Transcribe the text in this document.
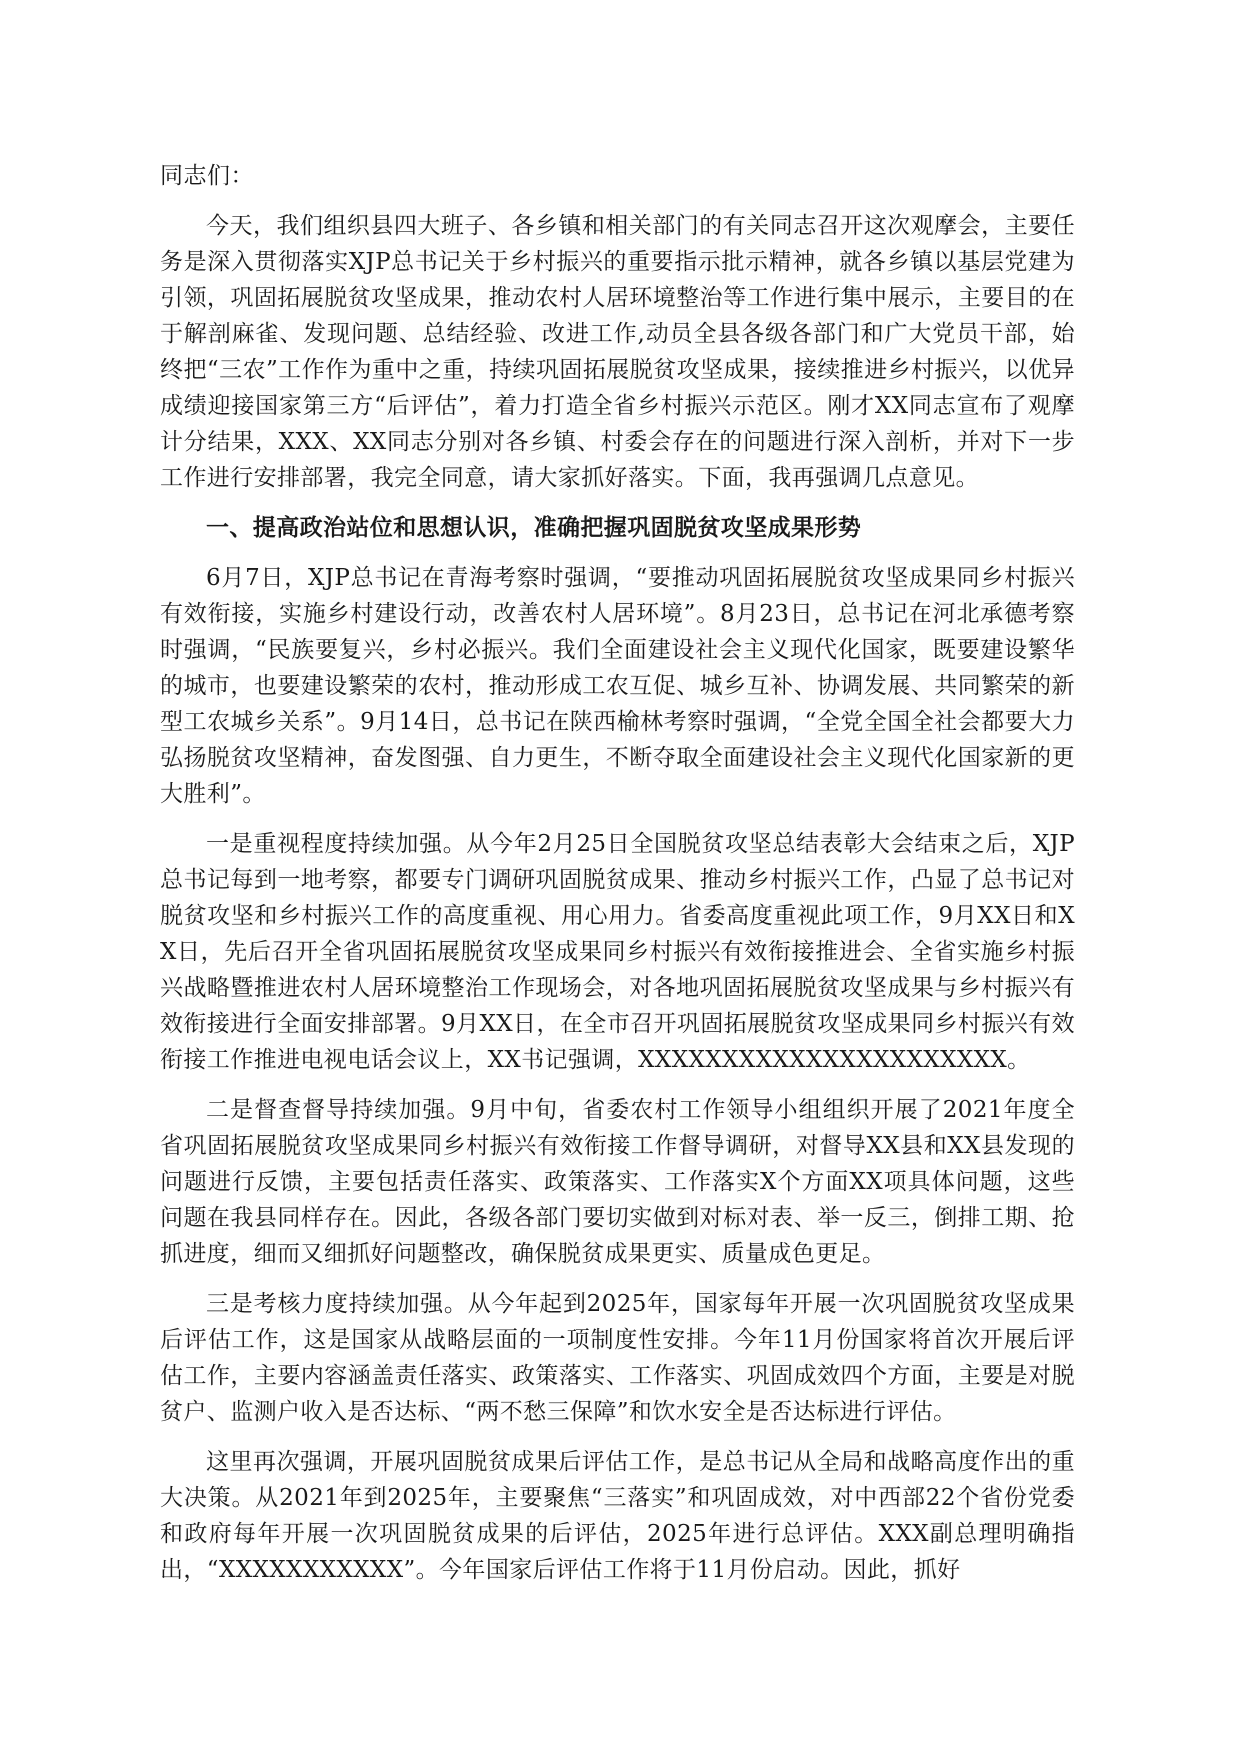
同志们：

今天，我们组织县四大班子、各乡镇和相关部门的有关同志召开这次观摩会，主要任务是深入贯彻落实XJP总书记关于乡村振兴的重要指示批示精神，就各乡镇以基层党建为引领，巩固拓展脱贫攻坚成果，推动农村人居环境整治等工作进行集中展示，主要目的在于解剖麻雀、发现问题、总结经验、改进工作,动员全县各级各部门和广大党员干部，始终把“三农”工作作为重中之重，持续巩固拓展脱贫攻坚成果，接续推进乡村振兴，以优异成绩迎接国家第三方“后评估”，着力打造全省乡村振兴示范区。刚才XX同志宣布了观摩计分结果，XXX、XX同志分别对各乡镇、村委会存在的问题进行深入剖析，并对下一步工作进行安排部署，我完全同意，请大家抓好落实。下面，我再强调几点意见。

一、提高政治站位和思想认识，准确把握巩固脱贫攻坚成果形势

6月7日，XJP总书记在青海考察时强调，“要推动巩固拓展脱贫攻坚成果同乡村振兴有效衔接，实施乡村建设行动，改善农村人居环境”。8月23日，总书记在河北承德考察时强调，“民族要复兴，乡村必振兴。我们全面建设社会主义现代化国家，既要建设繁华的城市，也要建设繁荣的农村，推动形成工农互促、城乡互补、协调发展、共同繁荣的新型工农城乡关系”。9月14日，总书记在陕西榆林考察时强调，“全党全国全社会都要大力弘扬脱贫攻坚精神，奋发图强、自力更生，不断夺取全面建设社会主义现代化国家新的更大胜利”。

一是重视程度持续加强。从今年2月25日全国脱贫攻坚总结表彰大会结束之后，XJP总书记每到一地考察，都要专门调研巩固脱贫成果、推动乡村振兴工作，凸显了总书记对脱贫攻坚和乡村振兴工作的高度重视、用心用力。省委高度重视此项工作，9月XX日和XX日，先后召开全省巩固拓展脱贫攻坚成果同乡村振兴有效衔接推进会、全省实施乡村振兴战略暨推进农村人居环境整治工作现场会，对各地巩固拓展脱贫攻坚成果与乡村振兴有效衔接进行全面安排部署。9月XX日，在全市召开巩固拓展脱贫攻坚成果同乡村振兴有效衔接工作推进电视电话会议上，XX书记强调，XXXXXXXXXXXXXXXXXXXXXX。

二是督查督导持续加强。9月中旬，省委农村工作领导小组组织开展了2021年度全省巩固拓展脱贫攻坚成果同乡村振兴有效衔接工作督导调研，对督导XX县和XX县发现的问题进行反馈，主要包括责任落实、政策落实、工作落实X个方面XX项具体问题，这些问题在我县同样存在。因此，各级各部门要切实做到对标对表、举一反三，倒排工期、抢抓进度，细而又细抓好问题整改，确保脱贫成果更实、质量成色更足。

三是考核力度持续加强。从今年起到2025年，国家每年开展一次巩固脱贫攻坚成果后评估工作，这是国家从战略层面的一项制度性安排。今年11月份国家将首次开展后评估工作，主要内容涵盖责任落实、政策落实、工作落实、巩固成效四个方面，主要是对脱贫户、监测户收入是否达标、“两不愁三保障”和饮水安全是否达标进行评估。

这里再次强调，开展巩固脱贫成果后评估工作，是总书记从全局和战略高度作出的重大决策。从2021年到2025年，主要聚焦“三落实”和巩固成效，对中西部22个省份党委和政府每年开展一次巩固脱贫成果的后评估，2025年进行总评估。XXX副总理明确指出，“XXXXXXXXXXX”。今年国家后评估工作将于11月份启动。因此，抓好
